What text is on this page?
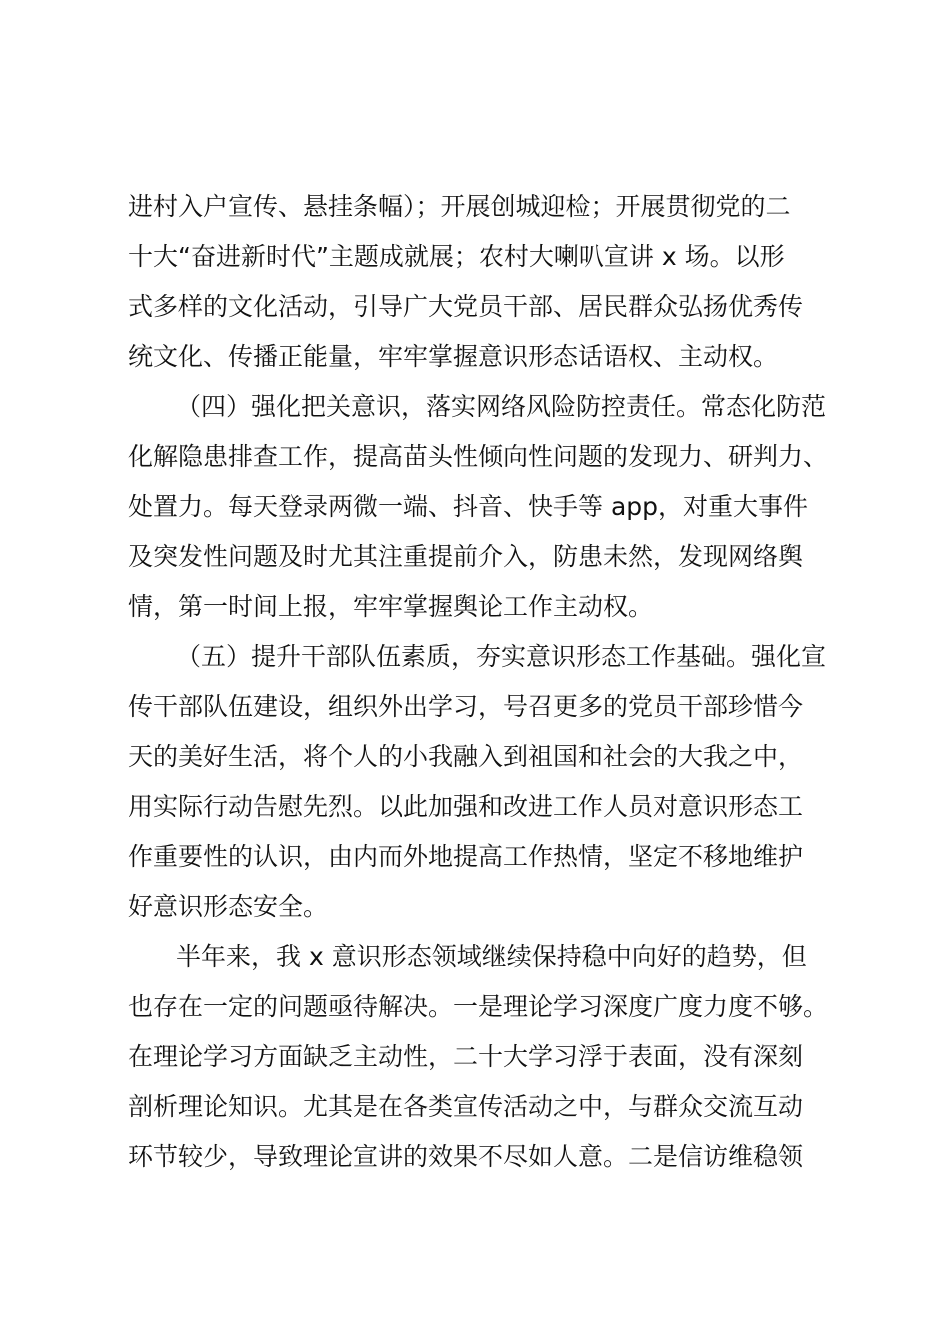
进村入户宣传、悬挂条幅）；开展创城迎检；开展贯彻党的二
十大“奋进新时代”主题成就展；农村大喇叭宣讲 x 场。以形
式多样的文化活动，引导广大党员干部、居民群众弘扬优秀传
统文化、传播正能量，牢牢掌握意识形态话语权、主动权。
（四）强化把关意识，落实网络风险防控责任。常态化防范
化解隐患排查工作，提高苗头性倾向性问题的发现力、研判力、
处置力。每天登录两微一端、抖音、快手等 app，对重大事件
及突发性问题及时尤其注重提前介入，防患未然，发现网络舆
情，第一时间上报，牢牢掌握舆论工作主动权。
（五）提升干部队伍素质，夯实意识形态工作基础。强化宣
传干部队伍建设，组织外出学习，号召更多的党员干部珍惜今
天的美好生活，将个人的小我融入到祖国和社会的大我之中，
用实际行动告慰先烈。以此加强和改进工作人员对意识形态工
作重要性的认识，由内而外地提高工作热情，坚定不移地维护
好意识形态安全。
半年来，我 x 意识形态领域继续保持稳中向好的趋势，但
也存在一定的问题亟待解决。一是理论学习深度广度力度不够。
在理论学习方面缺乏主动性，二十大学习浮于表面，没有深刻
剖析理论知识。尤其是在各类宣传活动之中，与群众交流互动
环节较少，导致理论宣讲的效果不尽如人意。二是信访维稳领
